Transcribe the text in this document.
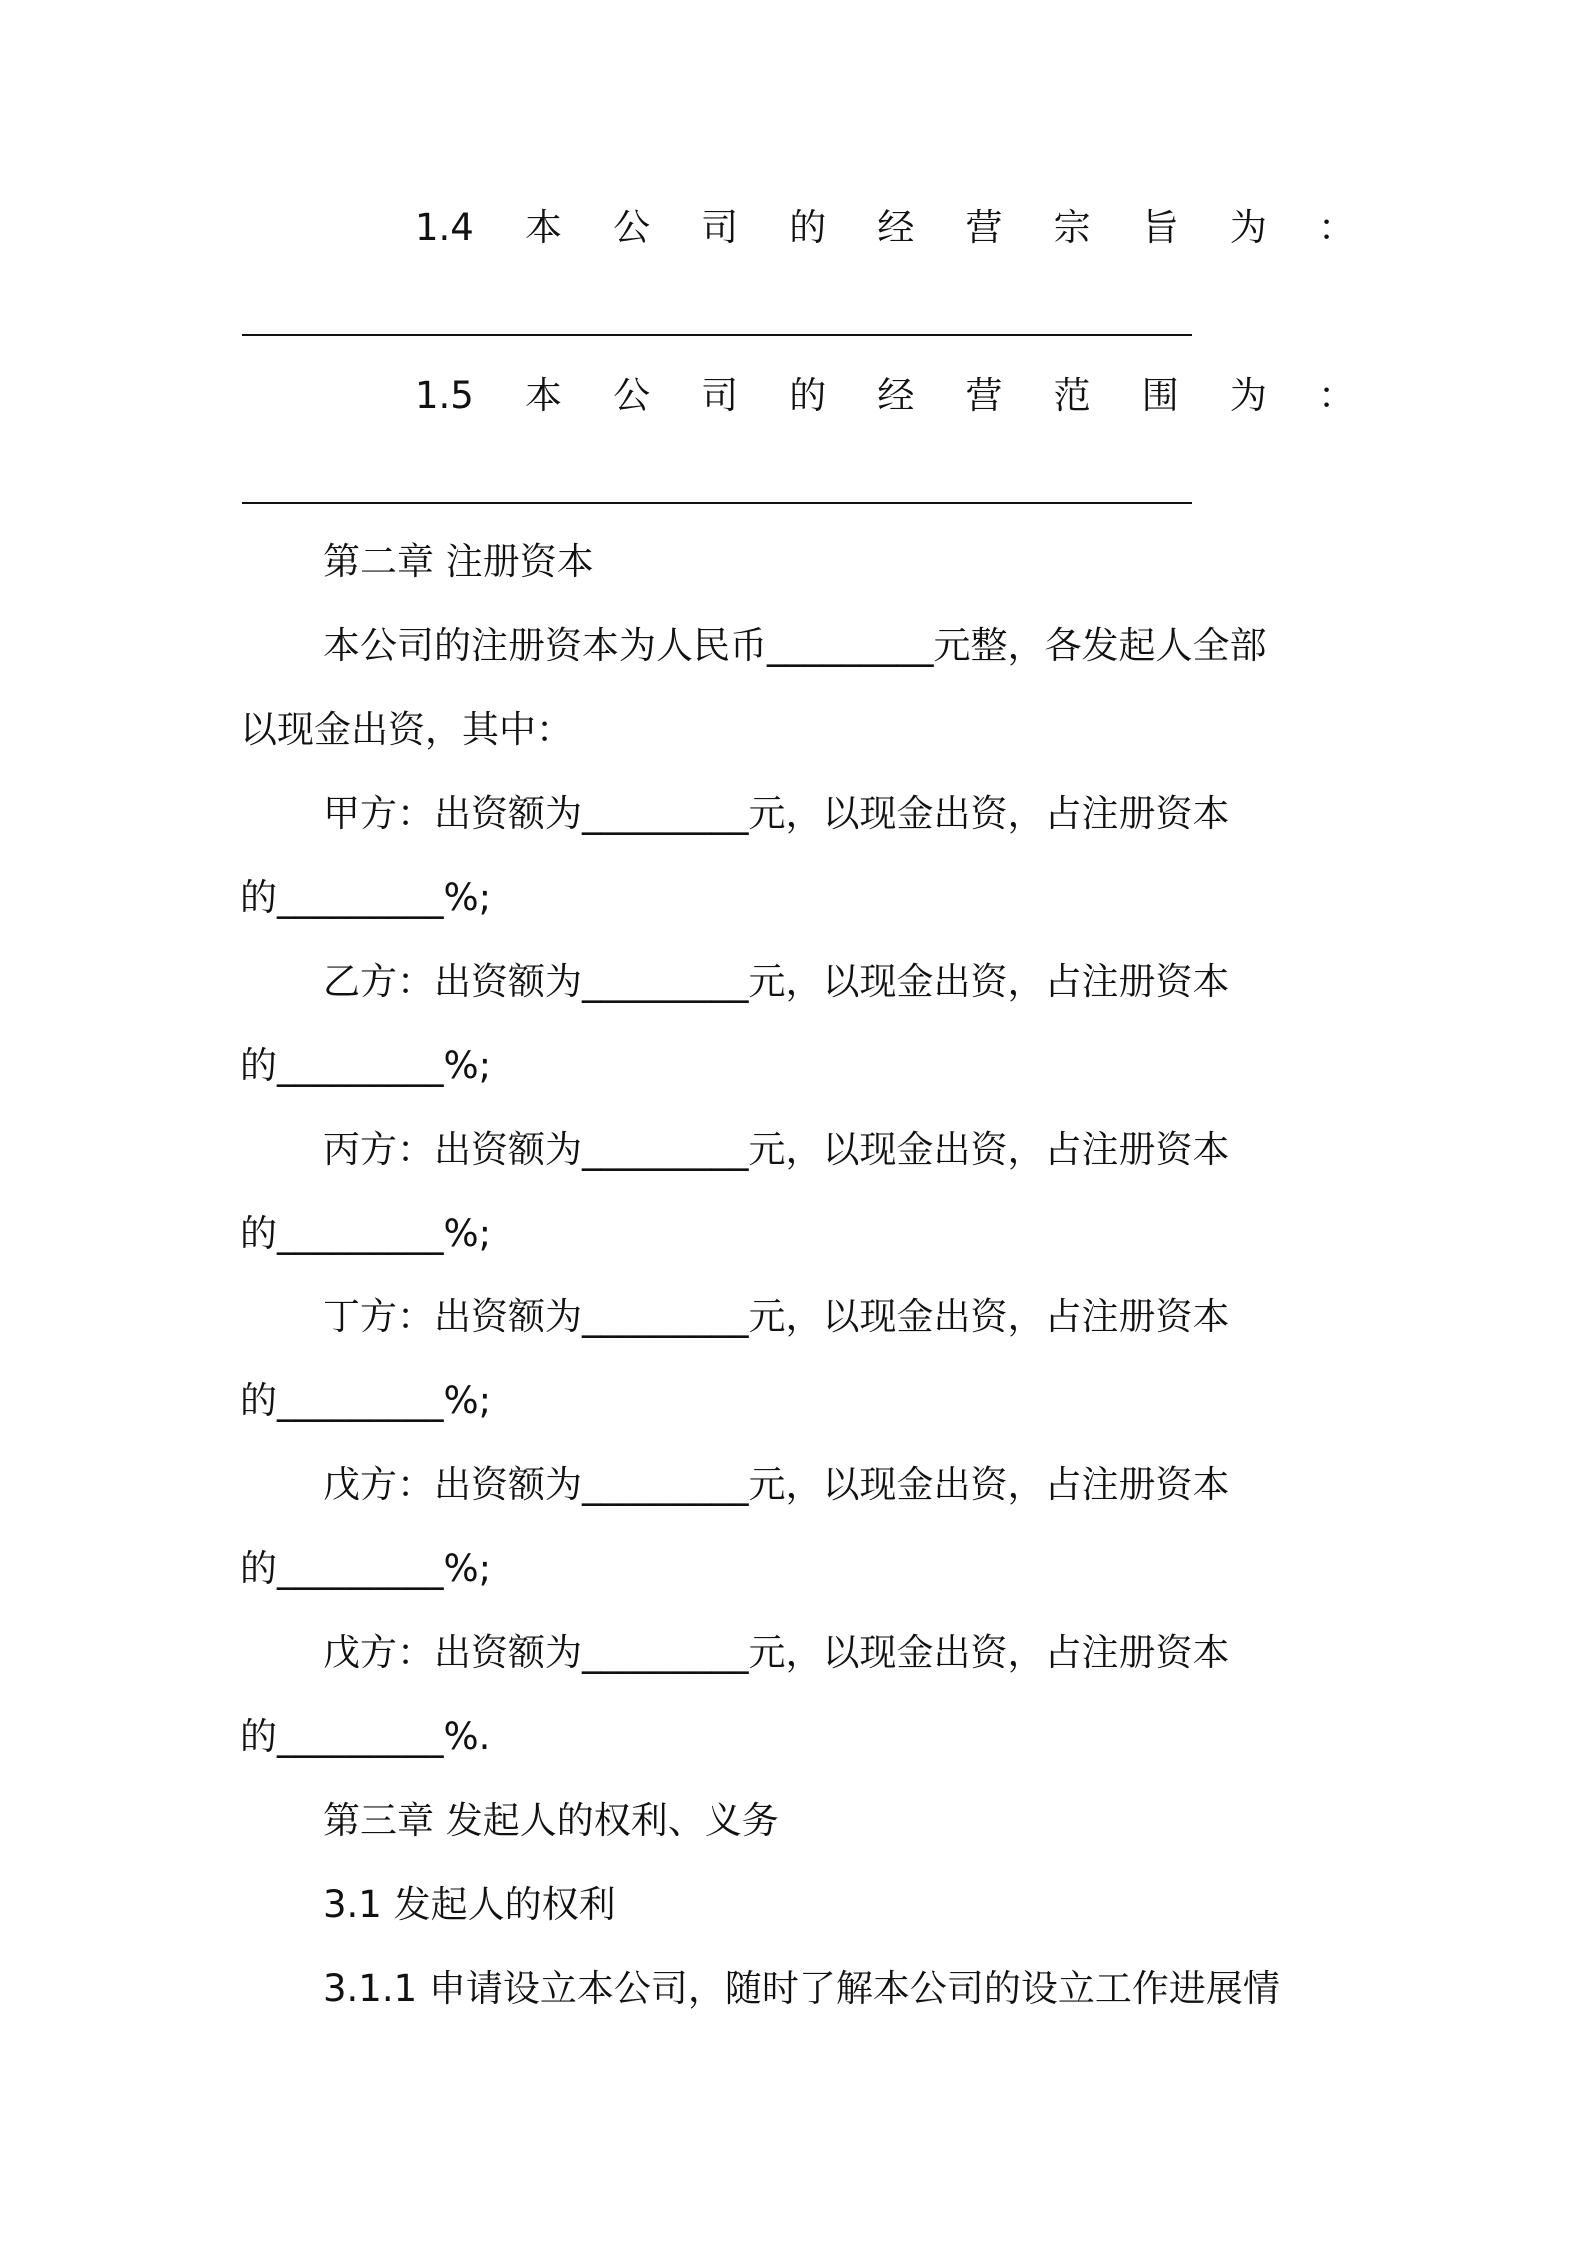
1.4 本 公 司 的 经 营 宗 旨 为 ：
1.5 本 公 司 的 经 营 范 围 为 ：
第二章 注册资本
本公司的注册资本为人民币_________元整，各发起人全部
以现金出资，其中：
甲方：出资额为_________元，以现金出资，占注册资本
的_________%;
乙方：出资额为_________元，以现金出资，占注册资本
的_________%;
丙方：出资额为_________元，以现金出资，占注册资本
的_________%;
丁方：出资额为_________元，以现金出资，占注册资本
的_________%;
戊方：出资额为_________元，以现金出资，占注册资本
的_________%;
戊方：出资额为_________元，以现金出资，占注册资本
的_________%.
第三章 发起人的权利、义务
3.1 发起人的权利
3.1.1 申请设立本公司，随时了解本公司的设立工作进展情
